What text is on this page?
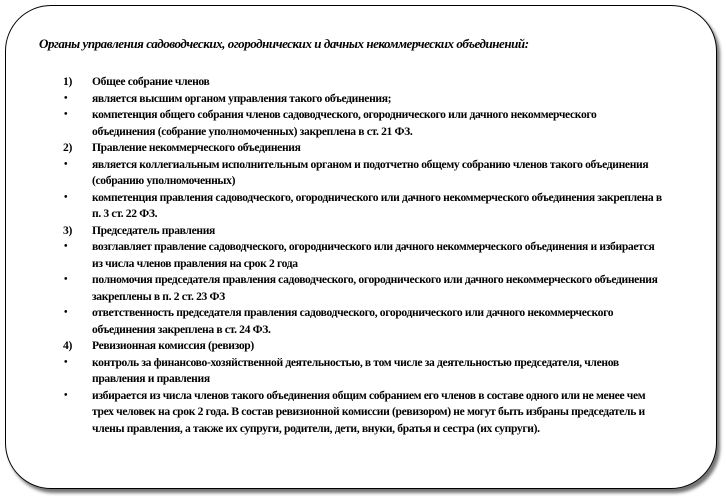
Органы управления садоводческих, огороднических и дачных некоммерческих объединений:
1)	Общее собрание членов
•	является высшим органом управления такого объединения;
•	компетенция общего собрания членов садоводческого, огороднического или дачного некоммерческого объединения (собрание уполномоченных) закреплена в ст. 21 ФЗ.
2)	Правление некоммерческого объединения
•	является коллегиальным исполнительным органом и подотчетно общему собранию членов такого объединения (собранию уполномоченных)
•	компетенция правления садоводческого, огороднического или дачного некоммерческого объединения закреплена в п. 3 ст. 22 ФЗ.
3)	Председатель правления
•	возглавляет правление садоводческого, огороднического или дачного некоммерческого объединения и избирается из числа членов правления на срок 2 года
•	полномочия председателя правления садоводческого, огороднического или дачного некоммерческого объединения закреплены в п. 2 ст. 23 ФЗ
•	ответственность председателя правления садоводческого, огороднического или дачного некоммерческого объединения закреплена в ст. 24 ФЗ.
4)	Ревизионная комиссия (ревизор)
•	контроль за финансово-хозяйственной деятельностью, в том числе за деятельностью председателя, членов правления и правления
•	избирается из числа членов такого объединения общим собранием его членов в составе одного или не менее чем трех человек на срок 2 года. В состав ревизионной комиссии (ревизором) не могут быть избраны председатель и члены правления, а также их супруги, родители, дети, внуки, братья и сестра (их супруги).
